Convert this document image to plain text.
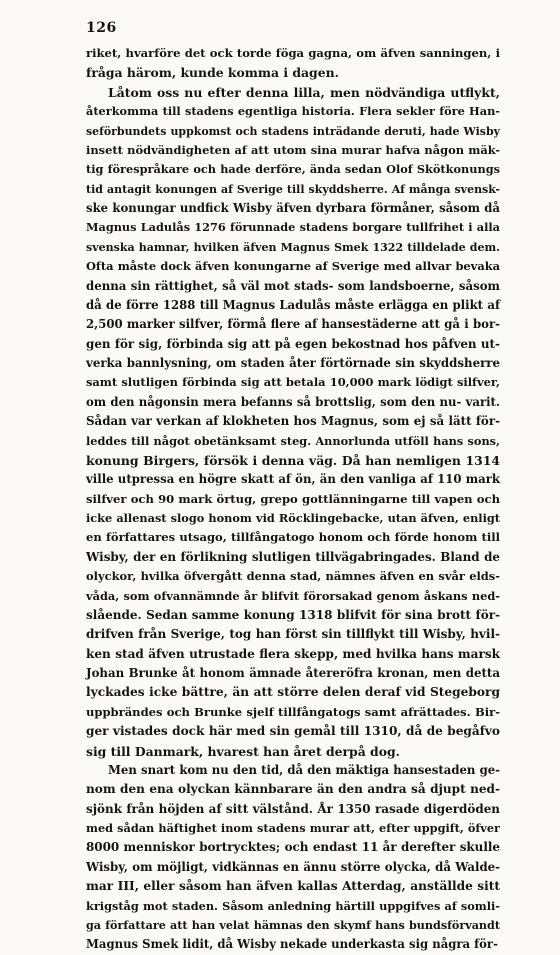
126
riket, hvarföre det ock torde föga gagna, om äfven sanningen, i
fråga härom, kunde komma i dagen.
Låtom oss nu efter denna lilla, men nödvändiga utflykt,
återkomma till stadens egentliga historia. Flera sekler före Han-
seförbundets uppkomst och stadens inträdande deruti, hade Wisby
insett nödvändigheten af att utom sina murar hafva någon mäk-
tig förespråkare och hade derföre, ända sedan Olof Skötkonungs
tid antagit konungen af Sverige till skyddsherre. Af många svensk-
ske konungar undfick Wisby äfven dyrbara förmåner, såsom då
Magnus Ladulås 1276 förunnade stadens borgare tullfrihet i alla
svenska hamnar, hvilken äfven Magnus Smek 1322 tilldelade dem.
Ofta måste dock äfven konungarne af Sverige med allvar bevaka
denna sin rättighet, så väl mot stads- som landsboerne, såsom
då de förre 1288 till Magnus Ladulås måste erlägga en plikt af
2,500 marker silfver, förmå flere af hansestäderne att gå i bor-
gen för sig, förbinda sig att på egen bekostnad hos påfven ut-
verka bannlysning, om staden åter förtörnade sin skyddsherre
samt slutligen förbinda sig att betala 10,000 mark lödigt silfver,
om den någonsin mera befanns så brottslig, som den nu- varit.
Sådan var verkan af klokheten hos Magnus, som ej så lätt för-
leddes till något obetänksamt steg. Annorlunda utföll hans sons,
konung Birgers, försök i denna väg. Då han nemligen 1314
ville utpressa en högre skatt af ön, än den vanliga af 110 mark
silfver och 90 mark örtug, grepo gottlänningarne till vapen och
icke allenast slogo honom vid Röcklingebacke, utan äfven, enligt
en författares utsago, tillfångatogo honom och förde honom till
Wisby, der en förlikning slutligen tillvägabringades. Bland de
olyckor, hvilka öfvergått denna stad, nämnes äfven en svår elds-
våda, som ofvannämnde år blifvit förorsakad genom åskans ned-
slående. Sedan samme konung 1318 blifvit för sina brott för-
drifven från Sverige, tog han först sin tillflykt till Wisby, hvil-
ken stad äfven utrustade flera skepp, med hvilka hans marsk
Johan Brunke åt honom ämnade återeröfra kronan, men detta
lyckades icke bättre, än att större delen deraf vid Stegeborg
uppbrändes och Brunke sjelf tillfångatogs samt afrättades. Bir-
ger vistades dock här med sin gemål till 1310, då de begåfvo
sig till Danmark, hvarest han året derpå dog.
Men snart kom nu den tid, då den mäktiga hansestaden ge-
nom den ena olyckan kännbarare än den andra så djupt ned-
sjönk från höjden af sitt välstånd. År 1350 rasade digerdöden
med sådan häftighet inom stadens murar att, efter uppgift, öfver
8000 menniskor bortrycktes; och endast 11 år derefter skulle
Wisby, om möjligt, vidkännas en ännu större olycka, då Walde-
mar III, eller såsom han äfven kallas Atterdag, anställde sitt
krigståg mot staden. Såsom anledning härtill uppgifves af somli-
ga författare att han velat hämnas den skymf hans bundsförvandt
Magnus Smek lidit, då Wisby nekade underkasta sig några för-
